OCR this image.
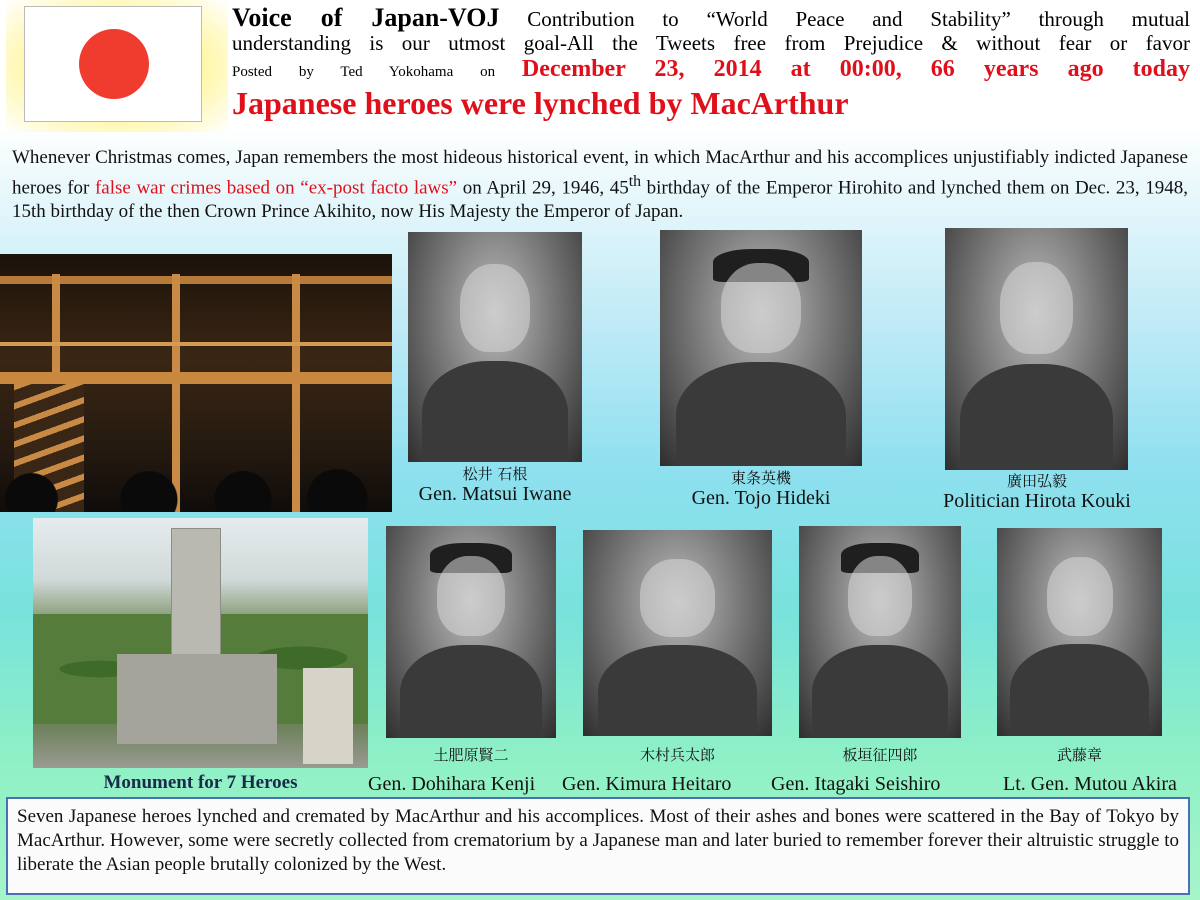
Voice of Japan-VOJ Contribution to “World Peace and Stability” through mutual
understanding is our utmost goal-All the Tweets free from Prejudice & without fear or favor
Posted by Ted Yokohama on December 23, 2014 at 00:00, 66 years ago today
Japanese heroes were lynched by MacArthur
Whenever Christmas comes, Japan remembers the most hideous historical event, in which MacArthur and his accomplices unjustifiably indicted Japanese heroes for false war crimes based on “ex-post facto laws” on April 29, 1946, 45th birthday of the Emperor Hirohito and lynched them on Dec. 23, 1948, 15th birthday of the then Crown Prince Akihito, now His Majesty the Emperor of Japan.
松井 石根
Gen. Matsui Iwane
東条英機
Gen. Tojo Hideki
廣田弘毅
Politician Hirota Kouki
Monument for 7 Heroes
土肥原賢二	木村兵太郎	板垣征四郎	武藤章
Gen. Dohihara Kenji Gen. Kimura Heitaro Gen. Itagaki Seishiro	Lt. Gen. Mutou Akira
Seven Japanese heroes lynched and cremated by MacArthur and his accomplices. Most of their ashes and bones were scattered in the Bay of Tokyo by MacArthur. However, some were secretly collected from crematorium by a Japanese man and later buried to remember forever their altruistic struggle to liberate the Asian people brutally colonized by the West.
